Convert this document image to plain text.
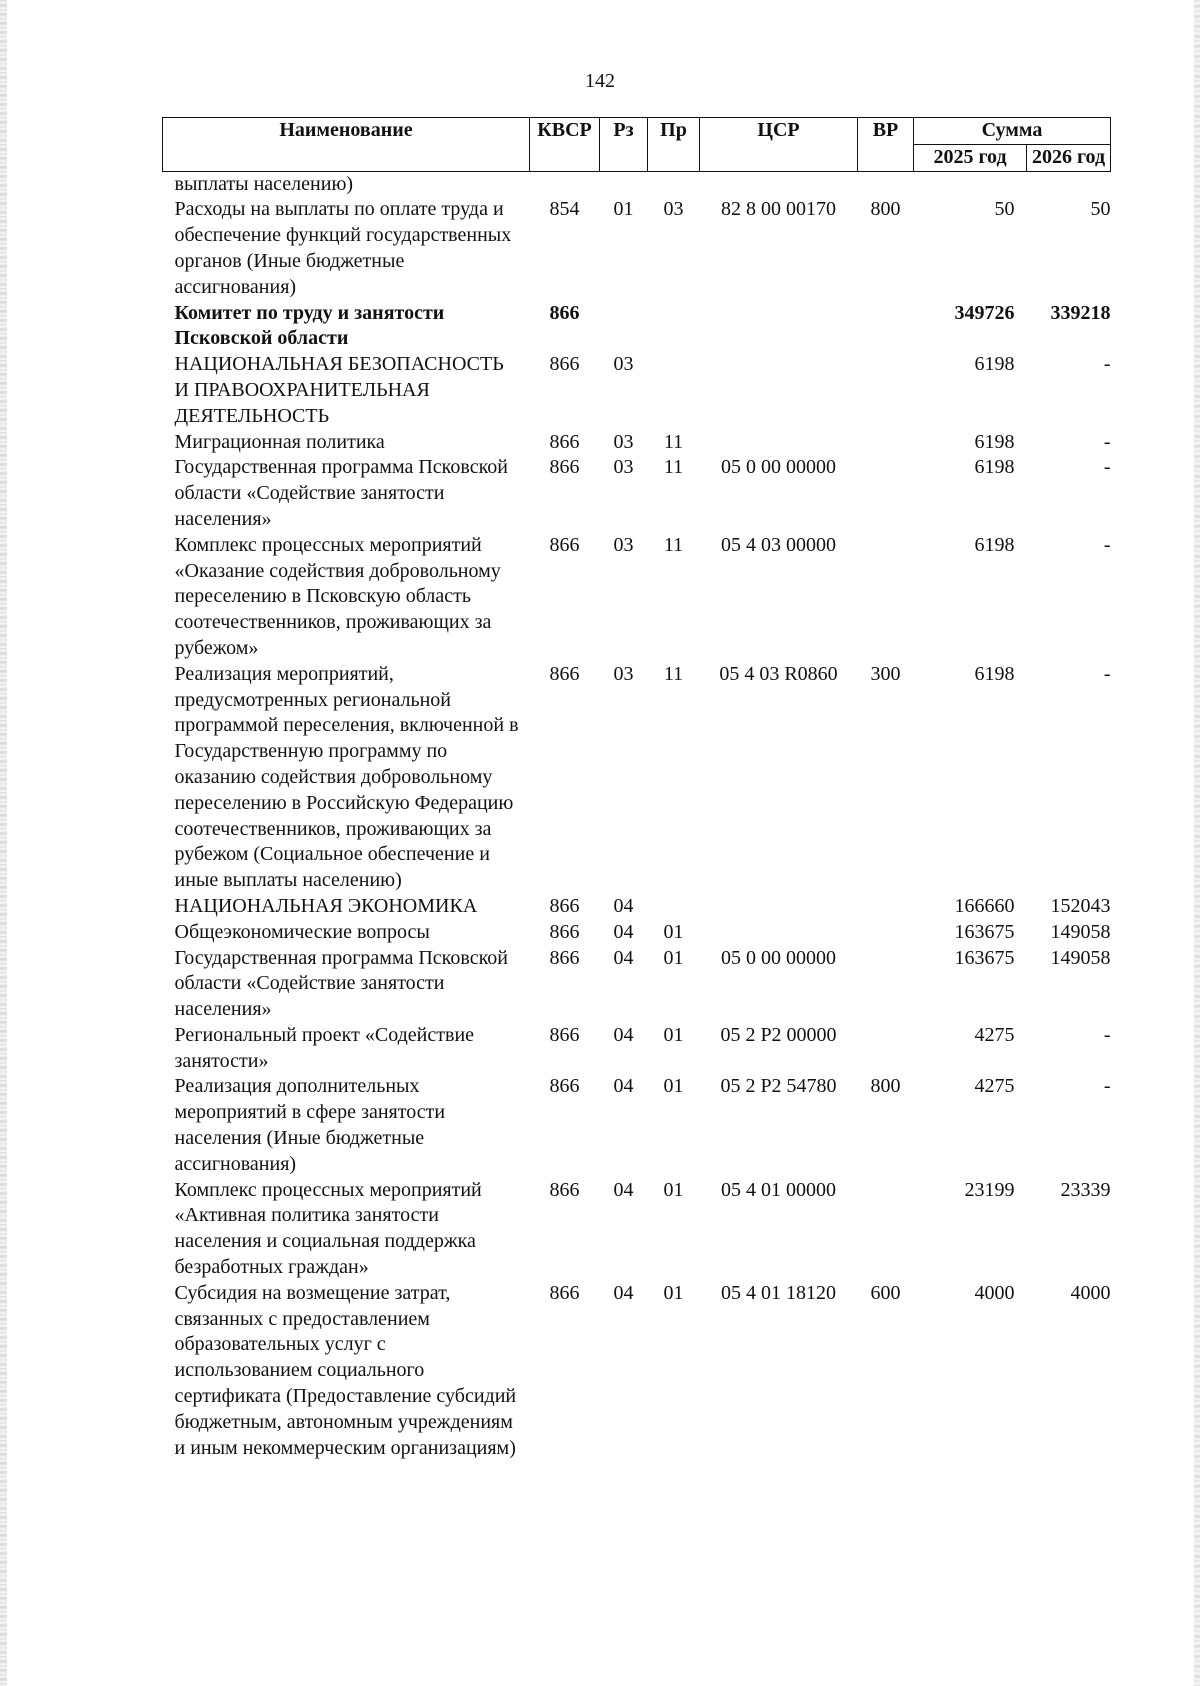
142
Наименование	КВСР	Рз	Пр	ЦСР	ВР	Сумма	
						2025 год	2026 год
выплаты населению)							
Расходы на выплаты по оплате труда и обеспечение функций государственных органов (Иные бюджетные ассигнования)	854	01	03	82 8 00 00170	800	50	50
Комитет по труду и занятости Псковской области	866					349726	339218
НАЦИОНАЛЬНАЯ БЕЗОПАСНОСТЬ И ПРАВООХРАНИТЕЛЬНАЯ ДЕЯТЕЛЬНОСТЬ	866	03				6198	-
Миграционная политика	866	03	11			6198	-
Государственная программа Псковской области «Содействие занятости населения»	866	03	11	05 0 00 00000		6198	-
Комплекс процессных мероприятий «Оказание содействия добровольному переселению в Псковскую область соотечественников, проживающих за рубежом»	866	03	11	05 4 03 00000		6198	-
Реализация мероприятий, предусмотренных региональной программой переселения, включенной в Государственную программу по оказанию содействия добровольному переселению в Российскую Федерацию соотечественников, проживающих за рубежом (Социальное обеспечение и иные выплаты населению)	866	03	11	05 4 03 R0860	300	6198	-
НАЦИОНАЛЬНАЯ ЭКОНОМИКА	866	04				166660	152043
Общеэкономические вопросы	866	04	01			163675	149058
Государственная программа Псковской области «Содействие занятости населения»	866	04	01	05 0 00 00000		163675	149058
Региональный проект «Содействие занятости»	866	04	01	05 2 P2 00000		4275	-
Реализация дополнительных мероприятий в сфере занятости населения (Иные бюджетные ассигнования)	866	04	01	05 2 P2 54780	800	4275	-
Комплекс процессных мероприятий «Активная политика занятости населения и социальная поддержка безработных граждан»	866	04	01	05 4 01 00000		23199	23339
Субсидия на возмещение затрат, связанных с предоставлением образовательных услуг с использованием социального сертификата (Предоставление субсидий бюджетным, автономным учреждениям и иным некоммерческим организациям)	866	04	01	05 4 01 18120	600	4000	4000
